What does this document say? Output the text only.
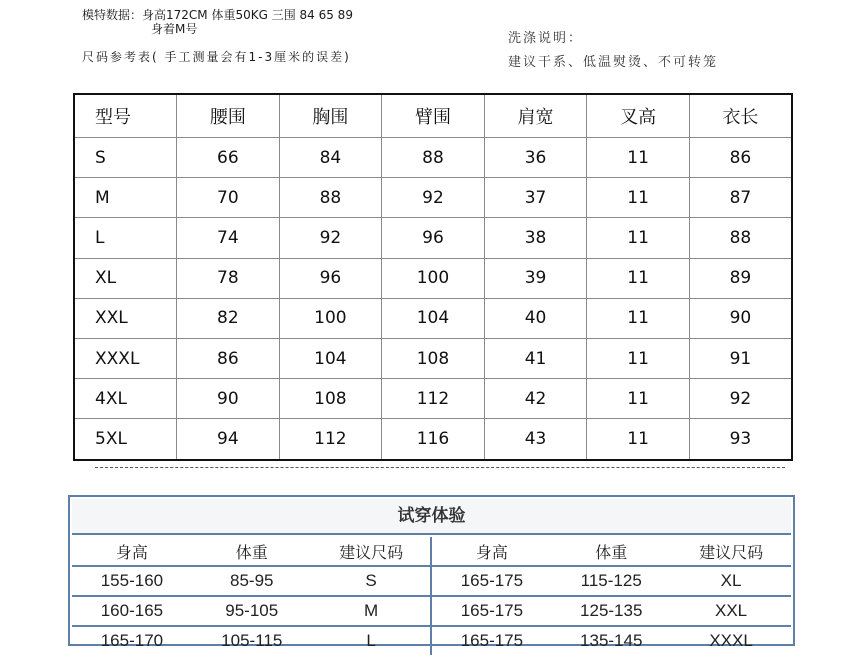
模特数据：身高172CM 体重50KG 三围 84 65 89
身着M号
尺码参考表( 手工测量会有1-3厘米的误差)
洗涤说明：
建议干系、低温熨烫、不可转笼
型号	腰围	胸围	臂围	肩宽	叉高	衣长
S	66	84	88	36	11	86
M	70	88	92	37	11	87
L	74	92	96	38	11	88
XL	78	96	100	39	11	89
XXL	82	100	104	40	11	90
XXXL	86	104	108	41	11	91
4XL	90	108	112	42	11	92
5XL	94	112	116	43	11	93
试穿体验
身高	体重	建议尺码	身高	体重	建议尺码
155-160	85-95	S	165-175	115-125	XL
160-165	95-105	M	165-175	125-135	XXL
165-170	105-115	L	165-175	135-145	XXXL
